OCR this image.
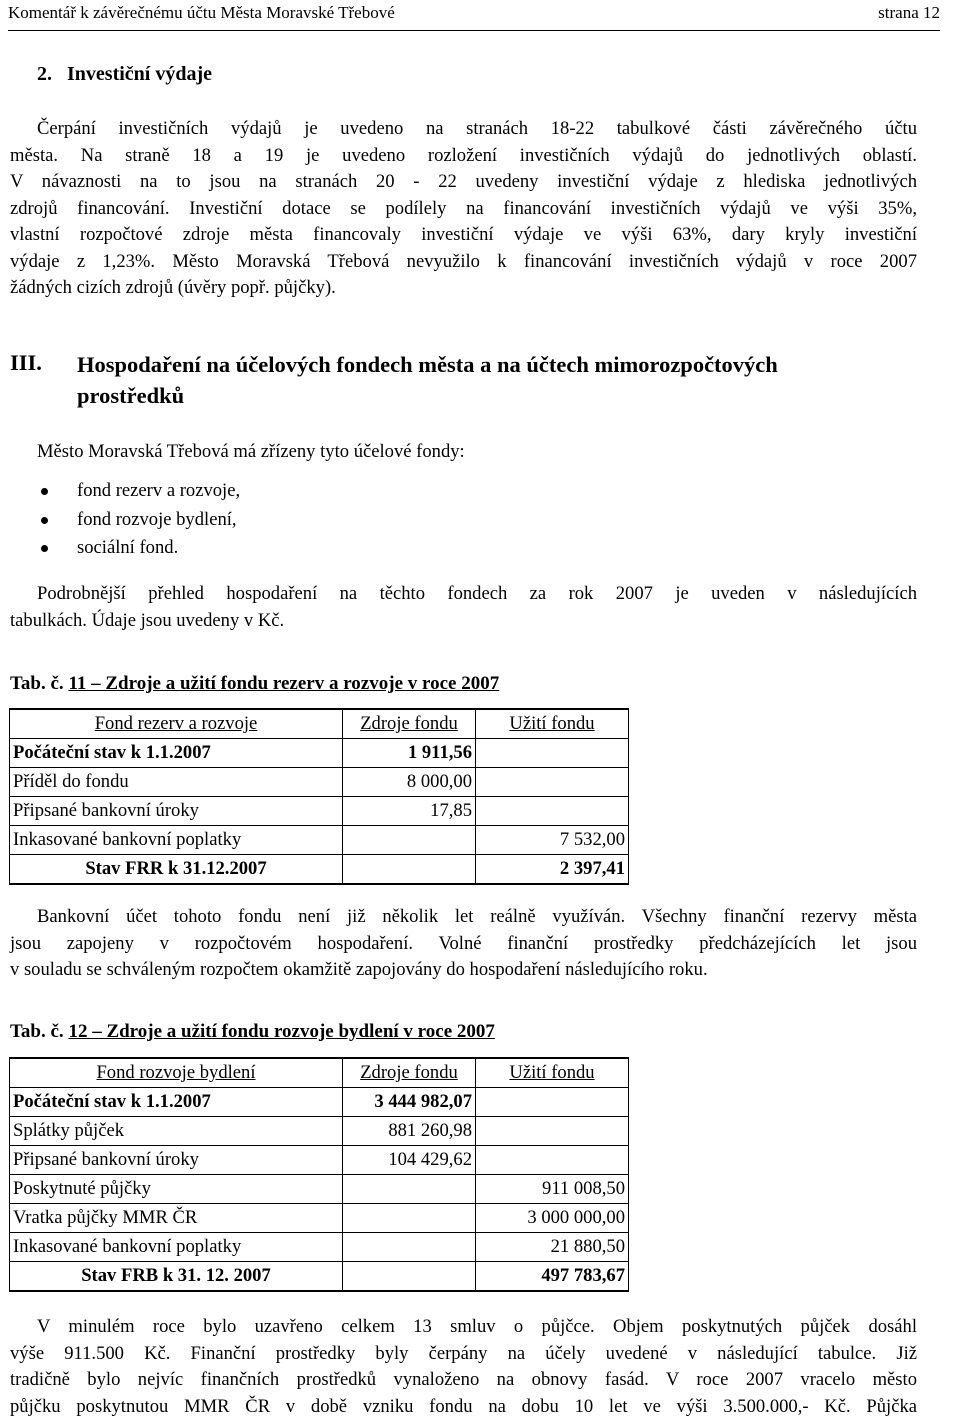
Komentář k závěrečnému účtu Města Moravské Třebové	strana 12
2.   Investiční výdaje
Čerpání investičních výdajů je uvedeno na stranách 18-22 tabulkové části závěrečného účtu
města. Na straně 18 a 19 je uvedeno rozložení investičních výdajů do jednotlivých oblastí.
V návaznosti na to jsou na stranách 20 - 22 uvedeny investiční výdaje z hlediska jednotlivých
zdrojů financování. Investiční dotace se podílely na financování investičních výdajů ve výši 35%,
vlastní rozpočtové zdroje města financovaly investiční výdaje ve výši 63%, dary kryly investiční
výdaje z 1,23%. Město Moravská Třebová nevyužilo k financování investičních výdajů v roce 2007
žádných cizích zdrojů (úvěry popř. půjčky).
III. Hospodaření na účelových fondech města a na účtech mimorozpočtových
prostředků
Město Moravská Třebová má zřízeny tyto účelové fondy:
fond rezerv a rozvoje,
fond rozvoje bydlení,
sociální fond.
Podrobnější přehled hospodaření na těchto fondech za rok 2007 je uveden v následujících
tabulkách. Údaje jsou uvedeny v Kč.
Tab. č. 11 – Zdroje a užití fondu rezerv a rozvoje v roce 2007
Fond rezerv a rozvoje	Zdroje fondu	Užití fondu
Počáteční stav k 1.1.2007	1 911,56	
Příděl do fondu	8 000,00	
Připsané bankovní úroky	17,85	
Inkasované bankovní poplatky		7 532,00
Stav FRR k 31.12.2007		2 397,41
Bankovní účet tohoto fondu není již několik let reálně využíván. Všechny finanční rezervy města
jsou zapojeny v rozpočtovém hospodaření. Volné finanční prostředky předcházejících let jsou
v souladu se schváleným rozpočtem okamžitě zapojovány do hospodaření následujícího roku.
Tab. č. 12 – Zdroje a užití fondu rozvoje bydlení v roce 2007
Fond rozvoje bydlení	Zdroje fondu	Užití fondu
Počáteční stav k 1.1.2007	3 444 982,07	
Splátky půjček	881 260,98	
Připsané bankovní úroky	104 429,62	
Poskytnuté půjčky		911 008,50
Vratka půjčky MMR ČR		3 000 000,00
Inkasované bankovní poplatky		21 880,50
Stav FRB k 31. 12. 2007		497 783,67
V minulém roce bylo uzavřeno celkem 13 smluv o půjčce. Objem poskytnutých půjček dosáhl
výše 911.500 Kč. Finanční prostředky byly čerpány na účely uvedené v následující tabulce. Již
tradičně bylo nejvíc finančních prostředků vynaloženo na obnovy fasád. V roce 2007 vracelo město
půjčku poskytnutou MMR ČR v době vzniku fondu na dobu 10 let ve výši 3.500.000,- Kč. Půjčka
